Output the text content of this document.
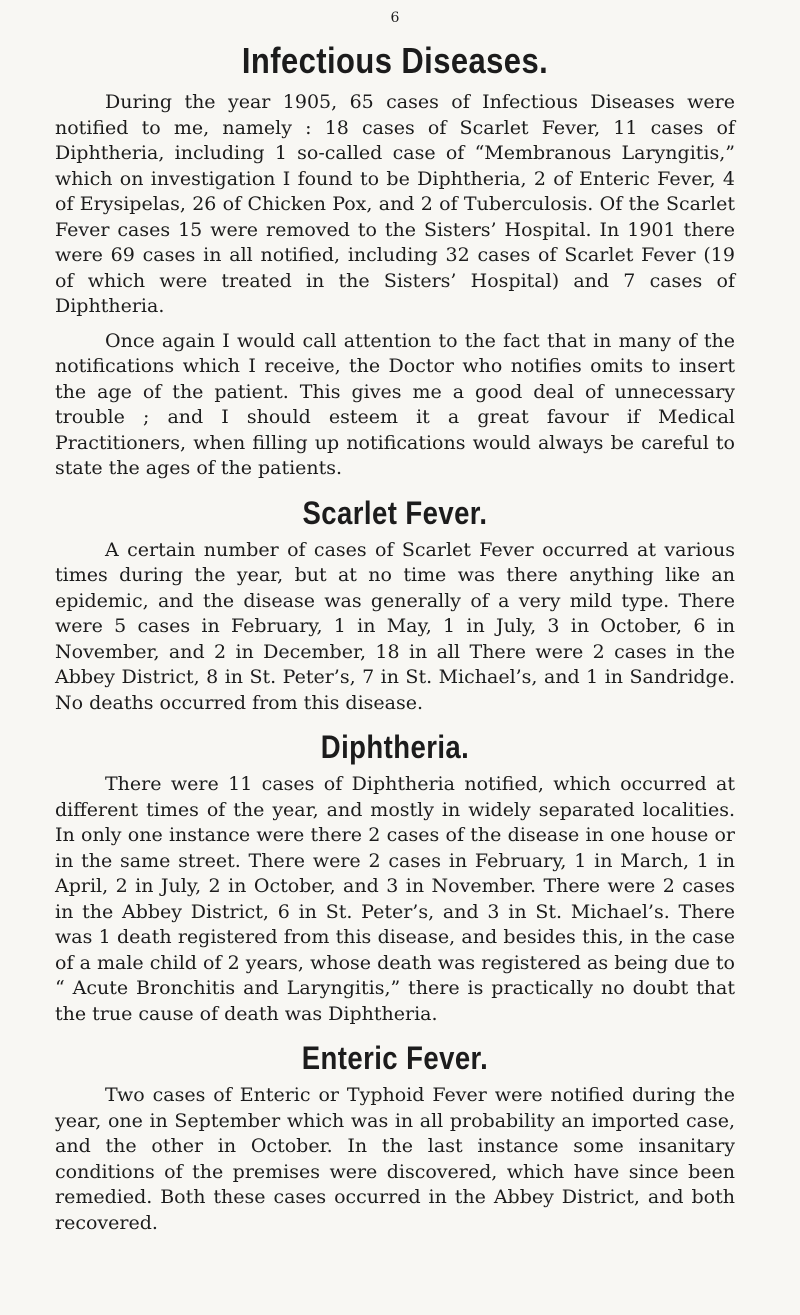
6
Infectious Diseases.

During the year 1905, 65 cases of Infectious Diseases were notified to me, namely : 18 cases of Scarlet Fever, 11 cases of Diphtheria, including 1 so-called case of “Membranous Laryngitis,” which on investigation I found to be Diphtheria, 2 of Enteric Fever, 4 of Erysipelas, 26 of Chicken Pox, and 2 of Tuberculosis. Of the Scarlet Fever cases 15 were removed to the Sisters’ Hospital. In 1901 there were 69 cases in all notified, including 32 cases of Scarlet Fever (19 of which were treated in the Sisters’ Hospital) and 7 cases of Diphtheria.

Once again I would call attention to the fact that in many of the notifications which I receive, the Doctor who notifies omits to insert the age of the patient. This gives me a good deal of unnecessary trouble ; and I should esteem it a great favour if Medical Practitioners, when filling up notifications would always be careful to state the ages of the patients.

Scarlet Fever.

A certain number of cases of Scarlet Fever occurred at various times during the year, but at no time was there anything like an epidemic, and the disease was generally of a very mild type. There were 5 cases in February, 1 in May, 1 in July, 3 in October, 6 in November, and 2 in December, 18 in all There were 2 cases in the Abbey District, 8 in St. Peter’s, 7 in St. Michael’s, and 1 in Sandridge. No deaths occurred from this disease.

Diphtheria.

There were 11 cases of Diphtheria notified, which occurred at different times of the year, and mostly in widely separated localities. In only one instance were there 2 cases of the disease in one house or in the same street. There were 2 cases in February, 1 in March, 1 in April, 2 in July, 2 in October, and 3 in November. There were 2 cases in the Abbey District, 6 in St. Peter’s, and 3 in St. Michael’s. There was 1 death registered from this disease, and besides this, in the case of a male child of 2 years, whose death was registered as being due to “ Acute Bronchitis and Laryngitis,” there is practically no doubt that the true cause of death was Diphtheria.

Enteric Fever.

Two cases of Enteric or Typhoid Fever were notified during the year, one in September which was in all probability an imported case, and the other in October. In the last instance some insanitary conditions of the premises were discovered, which have since been remedied. Both these cases occurred in the Abbey District, and both recovered.
